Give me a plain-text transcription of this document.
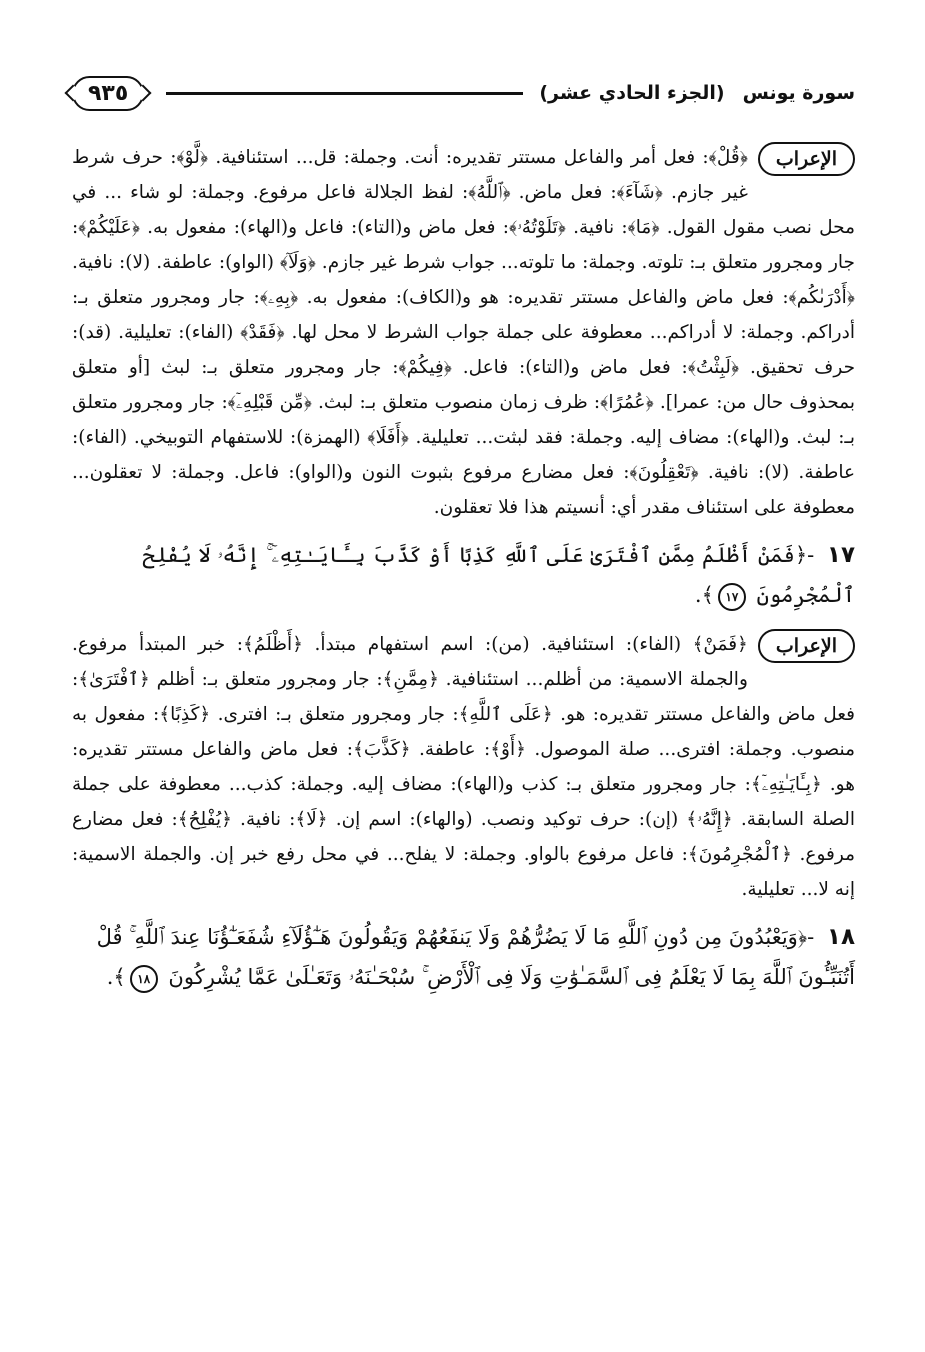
سورة يونس(الجزء الحادي عشر)
٩٣٥
الإعراب
﴿قُلْ﴾: فعل أمر والفاعل مستتر تقديره: أنت. وجملة: قل... استئنافية. ﴿لَّوْ﴾: حرف شرط غير جازم. ﴿شَآءَ﴾: فعل ماض. ﴿ٱللَّهُ﴾: لفظ الجلالة فاعل مرفوع. وجملة: لو شاء ... في محل نصب مقول القول. ﴿مَا﴾: نافية. ﴿تَلَوْتُهُۥ﴾: فعل ماض و(التاء): فاعل و(الهاء): مفعول به. ﴿عَلَيْكُمْ﴾: جار ومجرور متعلق بـ: تلوته. وجملة: ما تلوته... جواب شرط غير جازم. ﴿وَلَآ﴾ (الواو): عاطفة. (لا): نافية. ﴿أَدْرَىٰكُم﴾: فعل ماض والفاعل مستتر تقديره: هو و(الكاف): مفعول به. ﴿بِهِۦ﴾: جار ومجرور متعلق بـ: أدراكم. وجملة: لا أدراكم... معطوفة على جملة جواب الشرط لا محل لها. ﴿فَقَدْ﴾ (الفاء): تعليلية. (قد): حرف تحقيق. ﴿لَبِثْتُ﴾: فعل ماض و(التاء): فاعل. ﴿فِيكُمْ﴾: جار ومجرور متعلق بـ: لبث [أو متعلق بمحذوف حال من: عمرا]. ﴿عُمُرًا﴾: ظرف زمان منصوب متعلق بـ: لبث. ﴿مِّن قَبْلِهِۦٓ﴾: جار ومجرور متعلق بـ: لبث. و(الهاء): مضاف إليه. وجملة: فقد لبثت... تعليلية. ﴿أَفَلَا﴾ (الهمزة): للاستفهام التوبيخي. (الفاء): عاطفة. (لا): نافية. ﴿تَعْقِلُونَ﴾: فعل مضارع مرفوع بثبوت النون و(الواو): فاعل. وجملة: لا تعقلون... معطوفة على استئناف مقدر أي: أنسيتم هذا فلا تعقلون.
١٧ -﴿فَمَنْ أَظْلَمُ مِمَّنِ ٱفْتَرَىٰ عَلَى ٱللَّهِ كَذِبًا أَوْ كَذَّبَ بِـَٔايَـٰتِهِۦٓ ۚ إِنَّهُۥ لَا يُفْلِحُ ٱلْمُجْرِمُونَ ١٧﴾.
الإعراب
﴿فَمَنْ﴾ (الفاء): استئنافية. (من): اسم استفهام مبتدأ. ﴿أَظْلَمُ﴾: خبر المبتدأ مرفوع. والجملة الاسمية: من أظلم... استئنافية. ﴿مِمَّنِ﴾: جار ومجرور متعلق بـ: أظلم ﴿ٱفْتَرَىٰ﴾: فعل ماض والفاعل مستتر تقديره: هو. ﴿عَلَى ٱللَّهِ﴾: جار ومجرور متعلق بـ: افترى. ﴿كَذِبًا﴾: مفعول به منصوب. وجملة: افترى... صلة الموصول. ﴿أَوْ﴾: عاطفة. ﴿كَذَّبَ﴾: فعل ماض والفاعل مستتر تقديره: هو. ﴿بِـَٔايَـٰتِهِۦٓ﴾: جار ومجرور متعلق بـ: كذب و(الهاء): مضاف إليه. وجملة: كذب... معطوفة على جملة الصلة السابقة. ﴿إِنَّهُۥ﴾ (إن): حرف توكيد ونصب. (والهاء): اسم إن. ﴿لَا﴾: نافية. ﴿يُفْلِحُ﴾: فعل مضارع مرفوع. ﴿ٱلْمُجْرِمُونَ﴾: فاعل مرفوع بالواو. وجملة: لا يفلح... في محل رفع خبر إن. والجملة الاسمية: إنه لا... تعليلية.
١٨ -﴿وَيَعْبُدُونَ مِن دُونِ ٱللَّهِ مَا لَا يَضُرُّهُمْ وَلَا يَنفَعُهُمْ وَيَقُولُونَ هَـٰٓؤُلَآءِ شُفَعَـٰٓؤُنَا عِندَ ٱللَّهِ ۚ قُلْ أَتُنَبِّـُٔونَ ٱللَّهَ بِمَا لَا يَعْلَمُ فِى ٱلسَّمَـٰوَٰتِ وَلَا فِى ٱلْأَرْضِ ۚ سُبْحَـٰنَهُۥ وَتَعَـٰلَىٰ عَمَّا يُشْرِكُونَ ١٨﴾.
